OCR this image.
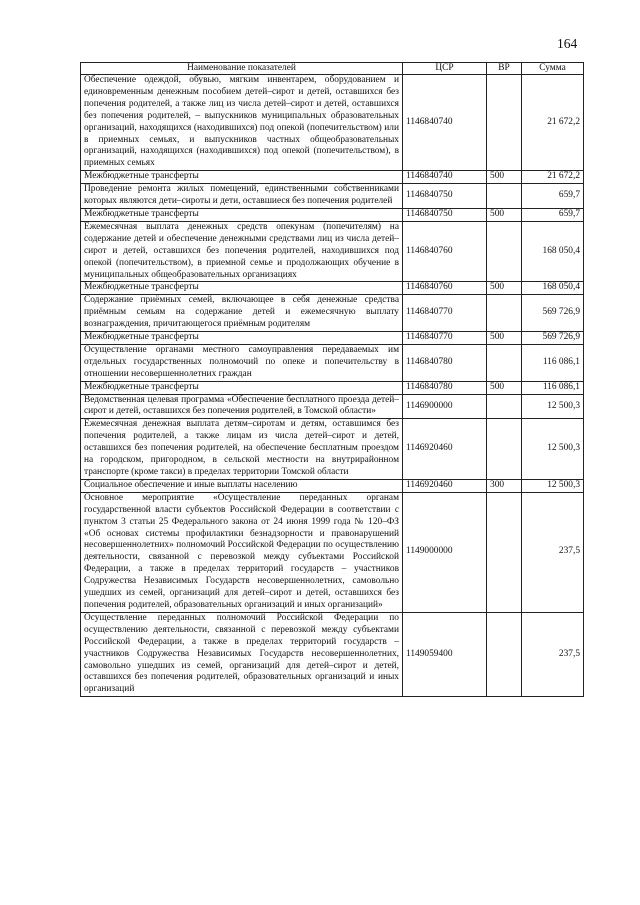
164
Наименование показателей	ЦСР	ВР	Сумма
Обеспечение одеждой, обувью, мягким инвентарем, оборудованием и единовременным денежным пособием детей–сирот и детей, оставшихся без попечения родителей, а также лиц из числа детей–сирот и детей, оставшихся без попечения родителей, – выпускников муниципальных образовательных организаций, находящихся (находившихся) под опекой (попечительством) или в приемных семьях, и выпускников частных общеобразовательных организаций, находящихся (находившихся) под опекой (попечительством), в приемных семьях	1146840740		21 672,2
Межбюджетные трансферты	1146840740	500	21 672,2
Проведение ремонта жилых помещений, единственными собственниками которых являются дети–сироты и дети, оставшиеся без попечения родителей	1146840750		659,7
Межбюджетные трансферты	1146840750	500	659,7
Ежемесячная выплата денежных средств опекунам (попечителям) на содержание детей и обеспечение денежными средствами лиц из числа детей–сирот и детей, оставшихся без попечения родителей, находившихся под опекой (попечительством), в приемной семье и продолжающих обучение в муниципальных общеобразовательных организациях	1146840760		168 050,4
Межбюджетные трансферты	1146840760	500	168 050,4
Содержание приёмных семей, включающее в себя денежные средства приёмным семьям на содержание детей и ежемесячную выплату вознаграждения, причитающегося приёмным родителям	1146840770		569 726,9
Межбюджетные трансферты	1146840770	500	569 726,9
Осуществление органами местного самоуправления передаваемых им отдельных государственных полномочий по опеке и попечительству в отношении несовершеннолетних граждан	1146840780		116 086,1
Межбюджетные трансферты	1146840780	500	116 086,1
Ведомственная целевая программа «Обеспечение бесплатного проезда детей–сирот и детей, оставшихся без попечения родителей, в Томской области»	1146900000		12 500,3
Ежемесячная денежная выплата детям–сиротам и детям, оставшимся без попечения родителей, а также лицам из числа детей–сирот и детей, оставшихся без попечения родителей, на обеспечение бесплатным проездом на городском, пригородном, в сельской местности на внутрирайонном транспорте (кроме такси) в пределах территории Томской области	1146920460		12 500,3
Социальное обеспечение и иные выплаты населению	1146920460	300	12 500,3
Основное мероприятие «Осуществление переданных органам государственной власти субъектов Российской Федерации в соответствии с пунктом 3 статьи 25 Федерального закона от 24 июня 1999 года № 120–ФЗ «Об основах системы профилактики безнадзорности и правонарушений несовершеннолетних» полномочий Российской Федерации по осуществлению деятельности, связанной с перевозкой между субъектами Российской Федерации, а также в пределах территорий государств – участников Содружества Независимых Государств несовершеннолетних, самовольно ушедших из семей, организаций для детей–сирот и детей, оставшихся без попечения родителей, образовательных организаций и иных организаций»	1149000000		237,5
Осуществление переданных полномочий Российской Федерации по осуществлению деятельности, связанной с перевозкой между субъектами Российской Федерации, а также в пределах территорий государств – участников Содружества Независимых Государств несовершеннолетних, самовольно ушедших из семей, организаций для детей–сирот и детей, оставшихся без попечения родителей, образовательных организаций и иных организаций	1149059400		237,5
